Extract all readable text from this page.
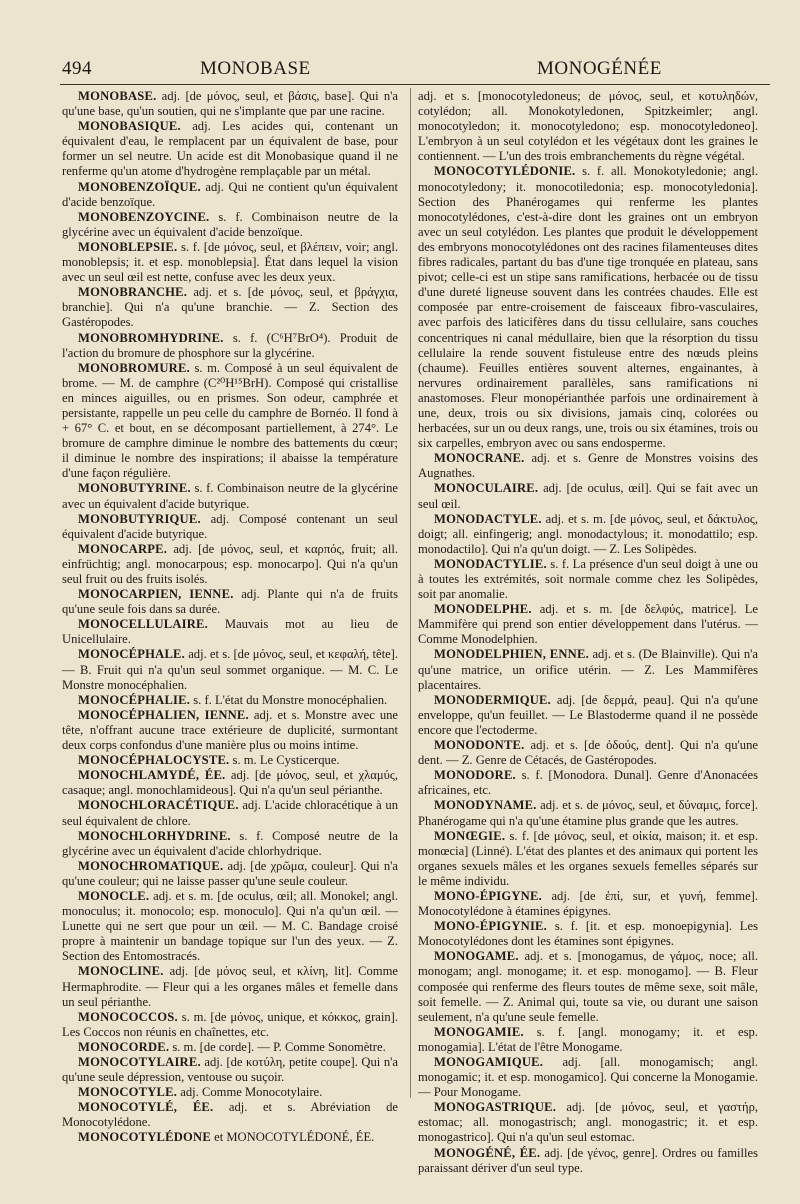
494	MONOBASE	MONOGÉNÉE

MONOBASE. adj. [de μόνος, seul, et βάσις, base]. Qui n'a qu'une base, qu'un soutien, qui ne s'implante que par une racine.

MONOBASIQUE. adj. Les acides qui, contenant un équivalent d'eau, le remplacent par un équivalent de base, pour former un sel neutre. Un acide est dit Monobasique quand il ne renferme qu'un atome d'hydrogène remplaçable par un métal.

MONOBENZOÏQUE. adj. Qui ne contient qu'un équivalent d'acide benzoïque.

MONOBENZOYCINE. s. f. Combinaison neutre de la glycérine avec un équivalent d'acide benzoïque.

MONOBLEPSIE. s. f. [de μόνος, seul, et βλέπειν, voir; angl. monoblepsis; it. et esp. monoblepsia]. État dans lequel la vision avec un seul œil est nette, confuse avec les deux yeux.

MONOBRANCHE. adj. et s. [de μόνος, seul, et βράγχια, branchie]. Qui n'a qu'une branchie. — Z. Section des Gastéropodes.

MONOBROMHYDRINE. s. f. (C⁶H⁷BrO⁴). Produit de l'action du bromure de phosphore sur la glycérine.

MONOBROMURE. s. m. Composé à un seul équivalent de brome. — M. de camphre (C²⁰H¹⁵BrH). Composé qui cristallise en minces aiguilles, ou en prismes. Son odeur, camphrée et persistante, rappelle un peu celle du camphre de Bornéo. Il fond à + 67° C. et bout, en se décomposant partiellement, à 274°. Le bromure de camphre diminue le nombre des battements du cœur; il diminue le nombre des inspirations; il abaisse la température d'une façon régulière.

MONOBUTYRINE. s. f. Combinaison neutre de la glycérine avec un équivalent d'acide butyrique.

MONOBUTYRIQUE. adj. Composé contenant un seul équivalent d'acide butyrique.

MONOCARPE. adj. [de μόνος, seul, et καρπός, fruit; all. einfrüchtig; angl. monocarpous; esp. monocarpo]. Qui n'a qu'un seul fruit ou des fruits isolés.

MONOCARPIEN, IENNE. adj. Plante qui n'a de fruits qu'une seule fois dans sa durée.

MONOCELLULAIRE. Mauvais mot au lieu de Unicellulaire.

MONOCÉPHALE. adj. et s. [de μόνος, seul, et κεφαλή, tête]. — B. Fruit qui n'a qu'un seul sommet organique. — M. C. Le Monstre monocéphalien.

MONOCÉPHALIE. s. f. L'état du Monstre monocéphalien.

MONOCÉPHALIEN, IENNE. adj. et s. Monstre avec une tête, n'offrant aucune trace extérieure de duplicité, surmontant deux corps confondus d'une manière plus ou moins intime.

MONOCÉPHALOCYSTE. s. m. Le Cysticerque.

MONOCHLAMYDÉ, ÉE. adj. [de μόνος, seul, et χλαμύς, casaque; angl. monochlamideous]. Qui n'a qu'un seul périanthe.

MONOCHLORACÉTIQUE. adj. L'acide chloracétique à un seul équivalent de chlore.

MONOCHLORHYDRINE. s. f. Composé neutre de la glycérine avec un équivalent d'acide chlorhydrique.

MONOCHROMATIQUE. adj. [de χρῶμα, couleur]. Qui n'a qu'une couleur; qui ne laisse passer qu'une seule couleur.

MONOCLE. adj. et s. m. [de oculus, œil; all. Monokel; angl. monoculus; it. monocolo; esp. monoculo]. Qui n'a qu'un œil. — Lunette qui ne sert que pour un œil. — M. C. Bandage croisé propre à maintenir un bandage topique sur l'un des yeux. — Z. Section des Entomostracés.

MONOCLINE. adj. [de μόνος seul, et κλίνη, lit]. Comme Hermaphrodite. — Fleur qui a les organes mâles et femelle dans un seul périanthe.

MONOCOCCOS. s. m. [de μόνος, unique, et κόκκος, grain]. Les Coccos non réunis en chaînettes, etc.

MONOCORDE. s. m. [de corde]. — P. Comme Sonomètre.

MONOCOTYLAIRE. adj. [de κοτύλη, petite coupe]. Qui n'a qu'une seule dépression, ventouse ou suçoir.

MONOCOTYLE. adj. Comme Monocotylaire.

MONOCOTYLÉ, ÉE. adj. et s. Abréviation de Monocotylédone.

MONOCOTYLÉDONE et MONOCOTYLÉDONÉ, ÉE.

adj. et s. [monocotyledoneus; de μόνος, seul, et κοτυληδών, cotylédon; all. Monokotyledonen, Spitzkeimler; angl. monocotyledon; it. monocotyledono; esp. monocotyledoneo]. L'embryon à un seul cotylédon et les végétaux dont les graines le contiennent. — L'un des trois embranchements du règne végétal.

MONOCOTYLÉDONIE. s. f. all. Monokotyledonie; angl. monocotyledony; it. monocotiledonia; esp. monocotyledonia]. Section des Phanérogames qui renferme les plantes monocotylédones, c'est-à-dire dont les graines ont un embryon avec un seul cotylédon. Les plantes que produit le développement des embryons monocotylédones ont des racines filamenteuses dites fibres radicales, partant du bas d'une tige tronquée en plateau, sans pivot; celle-ci est un stipe sans ramifications, herbacée ou de tissu d'une dureté ligneuse souvent dans les contrées chaudes. Elle est composée par entre-croisement de faisceaux fibro-vasculaires, avec parfois des laticifères dans du tissu cellulaire, sans couches concentriques ni canal médullaire, bien que la résorption du tissu cellulaire la rende souvent fistuleuse entre des nœuds pleins (chaume). Feuilles entières souvent alternes, engainantes, à nervures ordinairement parallèles, sans ramifications ni anastomoses. Fleur monopérianthée parfois une ordinairement à une, deux, trois ou six divisions, jamais cinq, colorées ou herbacées, sur un ou deux rangs, une, trois ou six étamines, trois ou six carpelles, embryon avec ou sans endosperme.

MONOCRANE. adj. et s. Genre de Monstres voisins des Augnathes.

MONOCULAIRE. adj. [de oculus, œil]. Qui se fait avec un seul œil.

MONODACTYLE. adj. et s. m. [de μόνος, seul, et δάκτυλος, doigt; all. einfingerig; angl. monodactylous; it. monodattilo; esp. monodactilo]. Qui n'a qu'un doigt. — Z. Les Solipèdes.

MONODACTYLIE. s. f. La présence d'un seul doigt à une ou à toutes les extrémités, soit normale comme chez les Solipèdes, soit par anomalie.

MONODELPHE. adj. et s. m. [de δελφύς, matrice]. Le Mammifère qui prend son entier développement dans l'utérus. — Comme Monodelphien.

MONODELPHIEN, ENNE. adj. et s. (De Blainville). Qui n'a qu'une matrice, un orifice utérin. — Z. Les Mammifères placentaires.

MONODERMIQUE. adj. [de δερμά, peau]. Qui n'a qu'une enveloppe, qu'un feuillet. — Le Blastoderme quand il ne possède encore que l'ectoderme.

MONODONTE. adj. et s. [de ὀδούς, dent]. Qui n'a qu'une dent. — Z. Genre de Cétacés, de Gastéropodes.

MONODORE. s. f. [Monodora. Dunal]. Genre d'Anonacées africaines, etc.

MONODYNAME. adj. et s. de μόνος, seul, et δύναμις, force]. Phanérogame qui n'a qu'une étamine plus grande que les autres.

MONŒGIE. s. f. [de μόνος, seul, et οἰκία, maison; it. et esp. monœcia] (Linné). L'état des plantes et des animaux qui portent les organes sexuels mâles et les organes sexuels femelles séparés sur le même individu.

MONO-ÉPIGYNE. adj. [de ἐπί, sur, et γυνή, femme]. Monocotylédone à étamines épigynes.

MONO-ÉPIGYNIE. s. f. [it. et esp. monoepigynia]. Les Monocotylédones dont les étamines sont épigynes.

MONOGAME. adj. et s. [monogamus, de γάμος, noce; all. monogam; angl. monogame; it. et esp. monogamo]. — B. Fleur composée qui renferme des fleurs toutes de même sexe, soit mâle, soit femelle. — Z. Animal qui, toute sa vie, ou durant une saison seulement, n'a qu'une seule femelle.

MONOGAMIE. s. f. [angl. monogamy; it. et esp. monogamia]. L'état de l'être Monogame.

MONOGAMIQUE. adj. [all. monogamisch; angl. monogamic; it. et esp. monogamico]. Qui concerne la Monogamie. — Pour Monogame.

MONOGASTRIQUE. adj. [de μόνος, seul, et γαστήρ, estomac; all. monogastrisch; angl. monogastric; it. et esp. monogastrico]. Qui n'a qu'un seul estomac.

MONOGÉNÉ, ÉE. adj. [de γένος, genre]. Ordres ou familles paraissant dériver d'un seul type.
